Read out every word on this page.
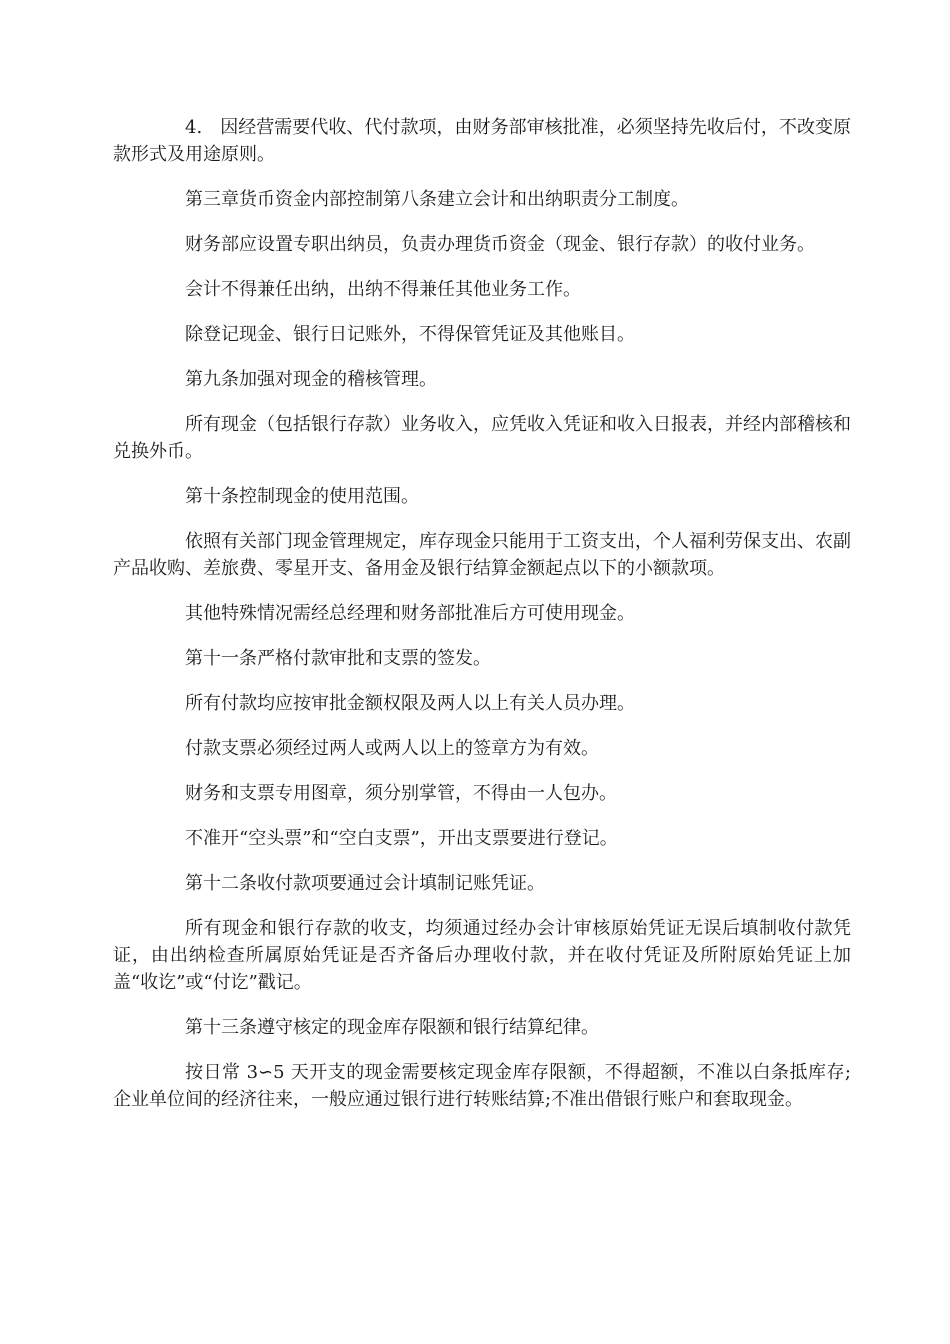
4.　因经营需要代收、代付款项，由财务部审核批准，必须坚持先收后付，不改变原款形式及用途原则。

第三章货币资金内部控制第八条建立会计和出纳职责分工制度。

财务部应设置专职出纳员，负责办理货币资金（现金、银行存款）的收付业务。

会计不得兼任出纳，出纳不得兼任其他业务工作。

除登记现金、银行日记账外，不得保管凭证及其他账目。

第九条加强对现金的稽核管理。

所有现金（包括银行存款）业务收入，应凭收入凭证和收入日报表，并经内部稽核和兑换外币。

第十条控制现金的使用范围。

依照有关部门现金管理规定，库存现金只能用于工资支出，个人福利劳保支出、农副产品收购、差旅费、零星开支、备用金及银行结算金额起点以下的小额款项。

其他特殊情况需经总经理和财务部批准后方可使用现金。

第十一条严格付款审批和支票的签发。

所有付款均应按审批金额权限及两人以上有关人员办理。

付款支票必须经过两人或两人以上的签章方为有效。

财务和支票专用图章，须分别掌管，不得由一人包办。

不准开“空头票”和“空白支票”，开出支票要进行登记。

第十二条收付款项要通过会计填制记账凭证。

所有现金和银行存款的收支，均须通过经办会计审核原始凭证无误后填制收付款凭证，由出纳检查所属原始凭证是否齐备后办理收付款，并在收付凭证及所附原始凭证上加盖“收讫”或“付讫”戳记。

第十三条遵守核定的现金库存限额和银行结算纪律。

按日常 3∽5 天开支的现金需要核定现金库存限额，不得超额，不准以白条抵库存;企业单位间的经济往来，一般应通过银行进行转账结算;不准出借银行账户和套取现金。
